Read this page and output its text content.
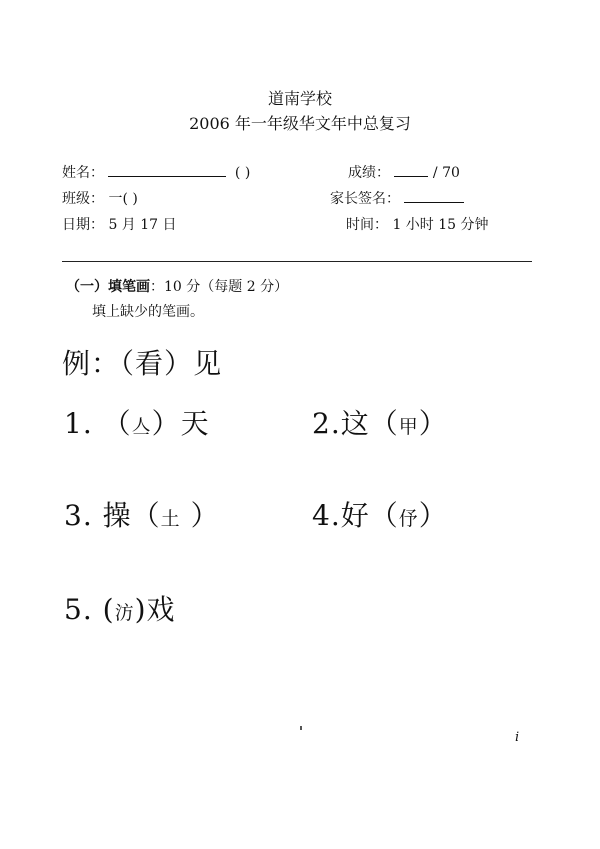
道南学校
2006 年一年级华文年中总复习
姓名：	( )	成绩：	/ 70
班级： 一( )	家长签名：
日期： 5 月 17 日	时间： 1 小时 15 分钟
（一）填笔画：10 分（每题 2 分）
填上缺少的笔画。
例：（看）见
1. （亼）天	2.这（甲）
3. 操（土 ）	4.好（伃）
5. (汸)戏
i
